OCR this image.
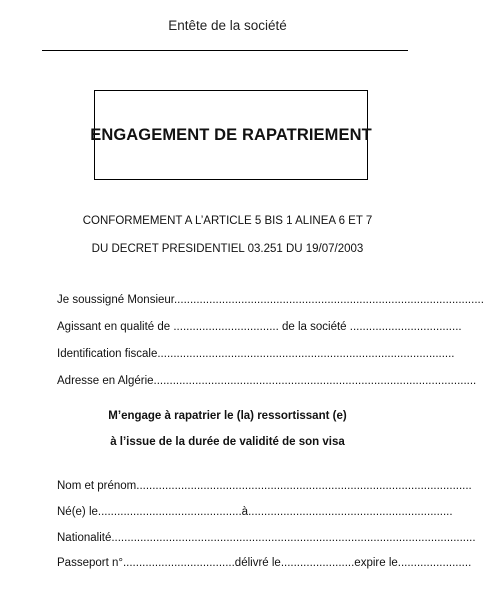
Entête de la société
ENGAGEMENT DE RAPATRIEMENT
CONFORMEMENT A L’ARTICLE 5 BIS 1 ALINEA 6 ET 7
DU DECRET PRESIDENTIEL 03.251 DU 19/07/2003
Je soussigné Monsieur.................................................................................................
Agissant en qualité de ................................. de la société ...................................
Identification fiscale.............................................................................................
Adresse en Algérie.....................................................................................................
M’engage à rapatrier le (la) ressortissant (e)
à l’issue de la durée de validité de son visa
Nom et prénom.........................................................................................................
Né(e) le.............................................à................................................................
Nationalité..................................................................................................................
Passeport n°...................................délivré le.......................expire le.......................
